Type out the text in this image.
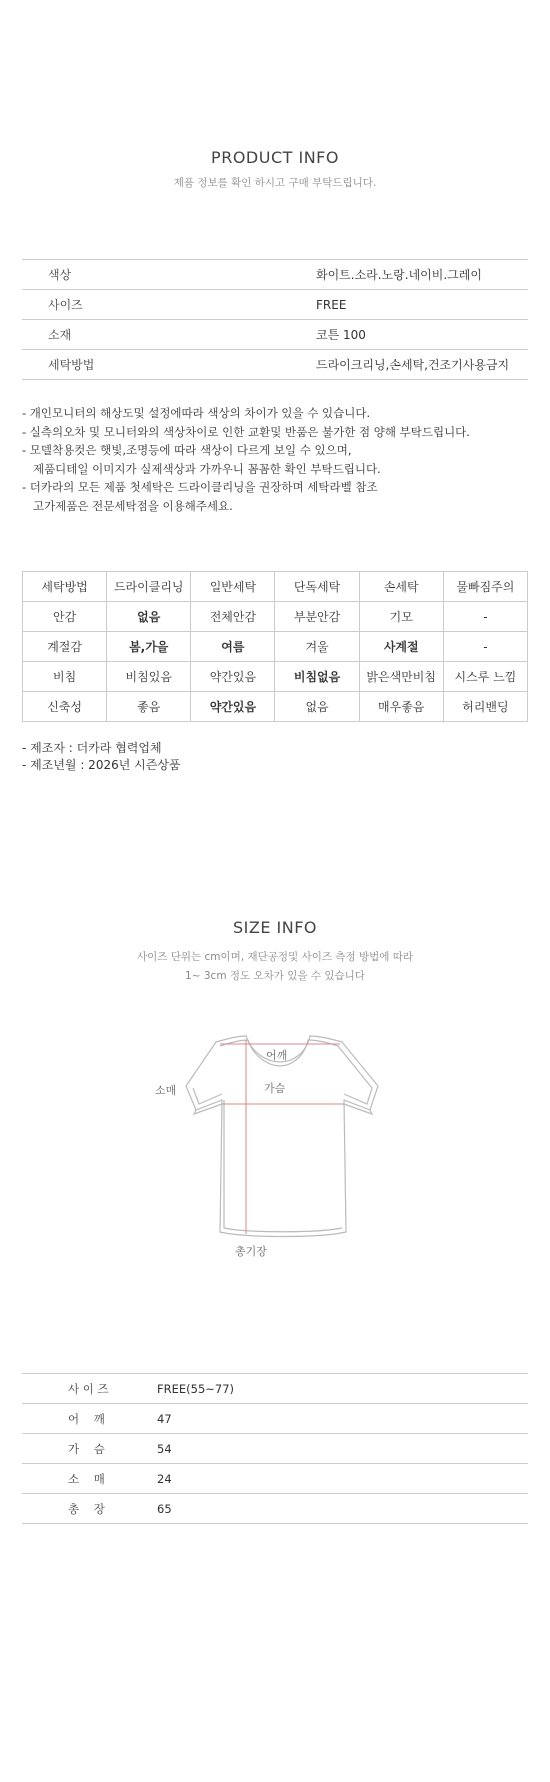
PRODUCT INFO
제품 정보를 확인 하시고 구매 부탁드립니다.
색상	화이트.소라.노랑.네이비.그레이
사이즈	FREE
소재	코튼 100
세탁방법	드라이크리닝,손세탁,건조기사용금지
- 개인모니터의 해상도및 설정에따라 색상의 차이가 있을 수 있습니다.
- 실측의오차 및 모니터와의 색상차이로 인한 교환및 반품은 불가한 점 양해 부탁드립니다.
- 모델착용컷은 햇빛,조명등에 따라 색상이 다르게 보일 수 있으며,
제품디테일 이미지가 실제색상과 가까우니 꼼꼼한 확인 부탁드립니다.
- 더카라의 모든 제품 첫세탁은 드라이클리닝을 권장하며 세탁라벨 참조
고가제품은 전문세탁점을 이용해주세요.
세탁방법	드라이클리닝	일반세탁	단독세탁	손세탁	물빠짐주의
안감	없음	전체안감	부분안감	기모	-
계절감	봄,가을	여름	겨울	사계절	-
비침	비침있음	약간있음	비침없음	밝은색만비침	시스루 느낌
신축성	좋음	약간있음	없음	매우좋음	허리밴딩
- 제조자 : 더카라 협력업체
- 제조년월 : 2026년 시즌상품
SIZE INFO
사이즈 단위는 cm이며, 재단공정및 사이즈 측정 방법에 따라
1~ 3cm 정도 오차가 있을 수 있습니다
어깨
가슴
소매
총기장
사 이 즈	FREE(55~77)
어    깨	47
가    슴	54
소    매	24
총    장	65
